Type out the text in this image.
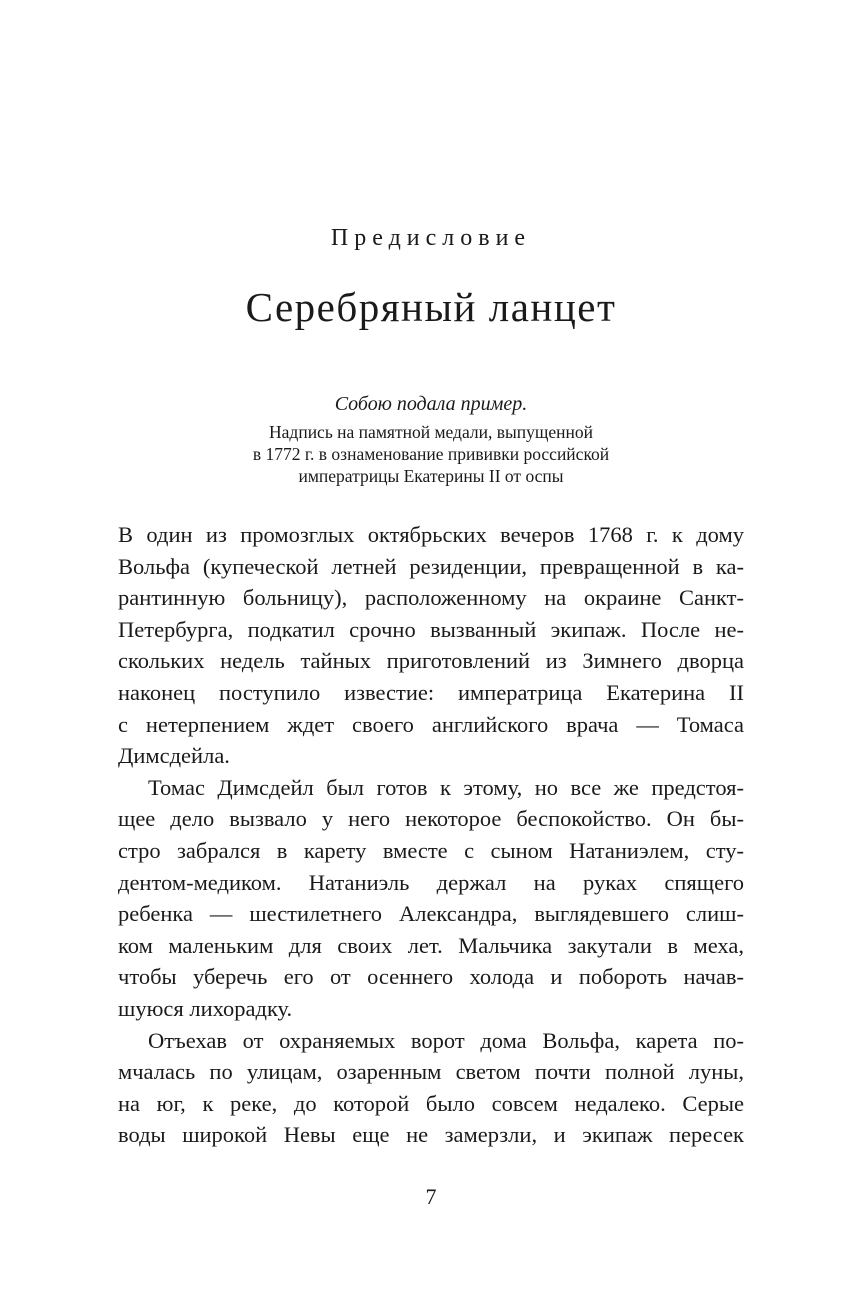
Предисловие
Серебряный ланцет
Собою подала пример.
Надпись на памятной медали, выпущенной
в 1772 г. в ознаменование прививки российской
императрицы Екатерины II от оспы
В один из промозглых октябрьских вечеров 1768 г. к дому
Вольфа (купеческой летней резиденции, превращенной в ка-
рантинную больницу), расположенному на окраине Санкт-
Петербурга, подкатил срочно вызванный экипаж. После не-
скольких недель тайных приготовлений из Зимнего дворца
наконец поступило известие: императрица Екатерина II
с нетерпением ждет своего английского врача — Томаса
Димсдейла.
Томас Димсдейл был готов к этому, но все же предстоя-
щее дело вызвало у него некоторое беспокойство. Он бы-
стро забрался в карету вместе с сыном Натаниэлем, сту-
дентом-медиком. Натаниэль держал на руках спящего
ребенка — шестилетнего Александра, выглядевшего слиш-
ком маленьким для своих лет. Мальчика закутали в меха,
чтобы уберечь его от осеннего холода и побороть начав-
шуюся лихорадку.
Отъехав от охраняемых ворот дома Вольфа, карета по-
мчалась по улицам, озаренным светом почти полной луны,
на юг, к реке, до которой было совсем недалеко. Серые
воды широкой Невы еще не замерзли, и экипаж пересек
7
